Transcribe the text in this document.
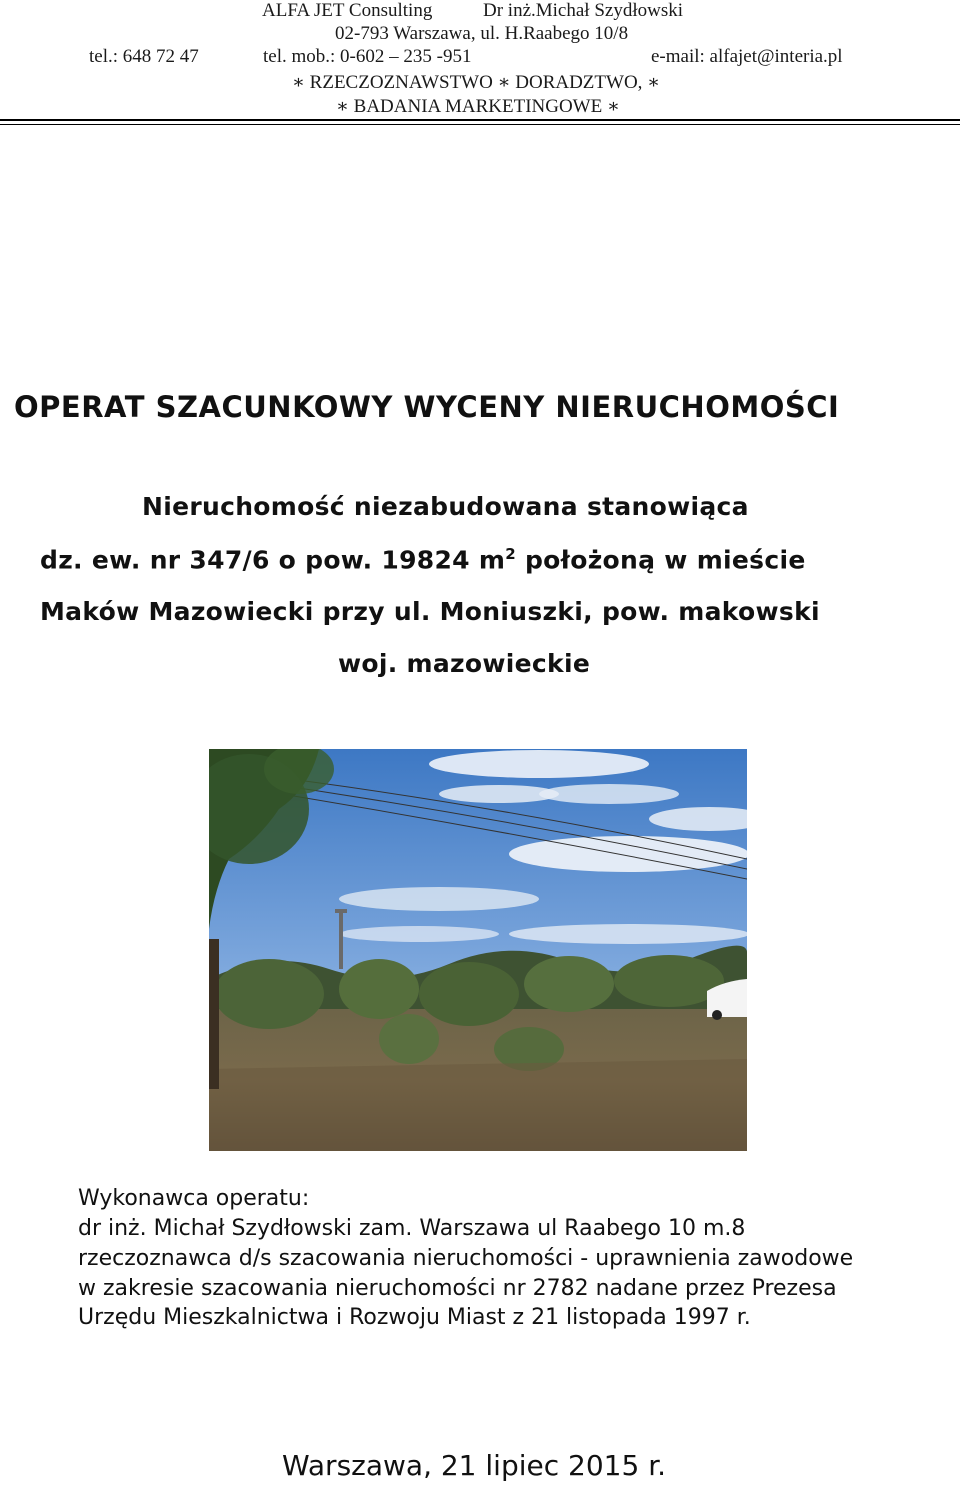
ALFA JET Consulting	Dr inż.Michał Szydłowski
02-793 Warszawa, ul. H.Raabego 10/8
tel.: 648 72 47	tel. mob.: 0-602 – 235 -951	e-mail: alfajet@interia.pl
∗ RZECZOZNAWSTWO ∗ DORADZTWO, ∗
∗ BADANIA MARKETINGOWE ∗
OPERAT SZACUNKOWY WYCENY NIERUCHOMOŚCI
Nieruchomość niezabudowana stanowiąca
dz. ew. nr 347/6 o pow. 19824 $m^2$ położoną w mieście
Maków Mazowiecki przy ul. Moniuszki, pow. makowski
woj. mazowieckie
Wykonawca operatu:
dr inż. Michał Szydłowski zam. Warszawa ul Raabego 10 m.8
rzeczoznawca d/s szacowania nieruchomości - uprawnienia zawodowe
w zakresie szacowania nieruchomości nr 2782 nadane przez Prezesa
Urzędu Mieszkalnictwa i Rozwoju Miast z 21 listopada 1997 r.
Warszawa, 21 lipiec 2015 r.
